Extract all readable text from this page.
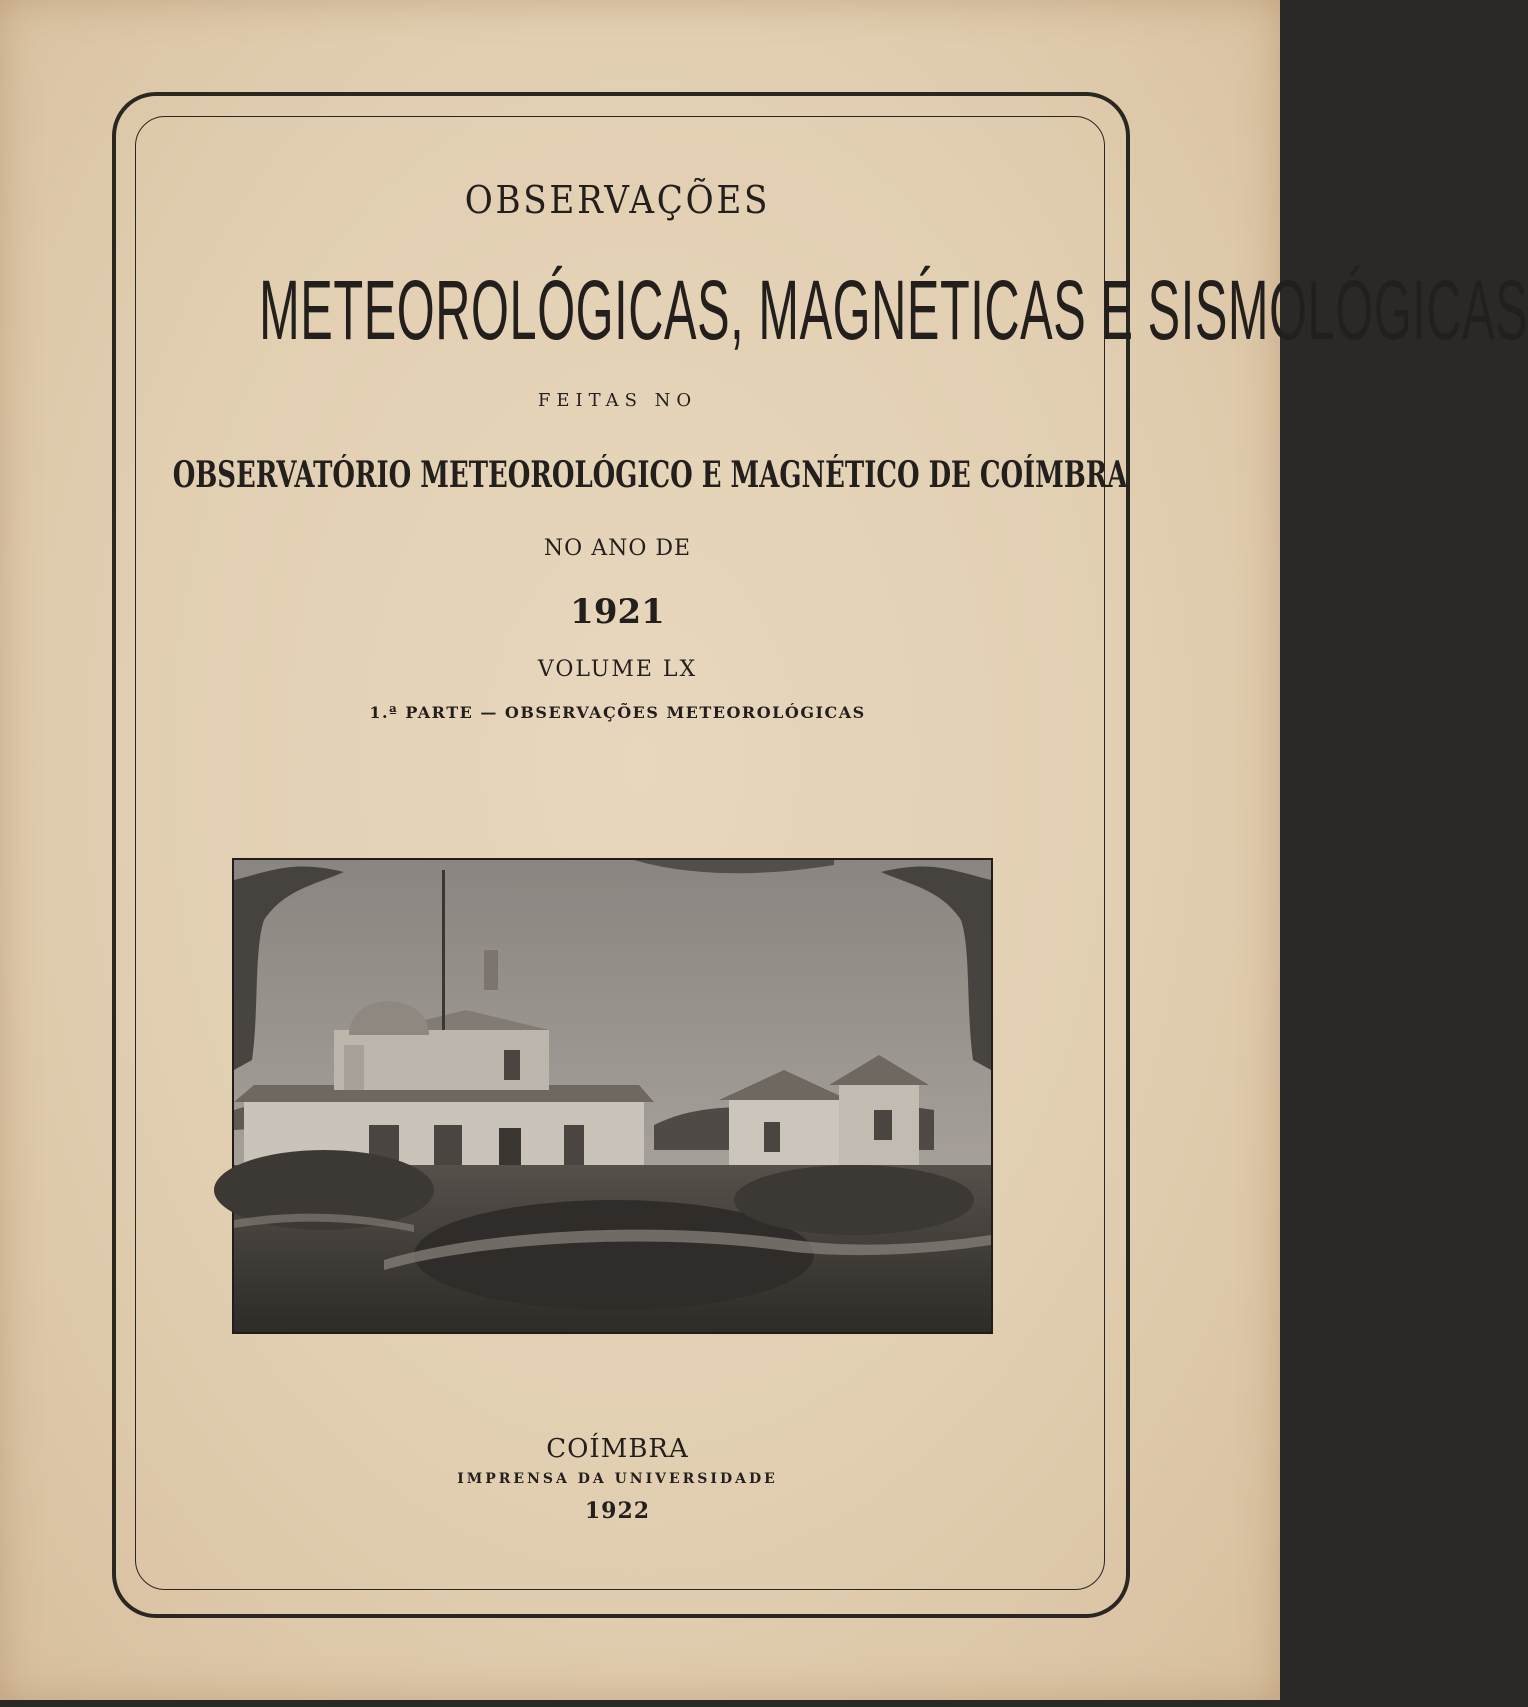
OBSERVAÇÕES
METEOROLÓGICAS, MAGNÉTICAS E SISMOLÓGICAS
FEITAS NO
OBSERVATÓRIO METEOROLÓGICO E MAGNÉTICO DE COÍMBRA
NO ANO DE
1921
VOLUME LX
1.ª PARTE — OBSERVAÇÕES METEOROLÓGICAS
COÍMBRA
IMPRENSA DA UNIVERSIDADE
1922
